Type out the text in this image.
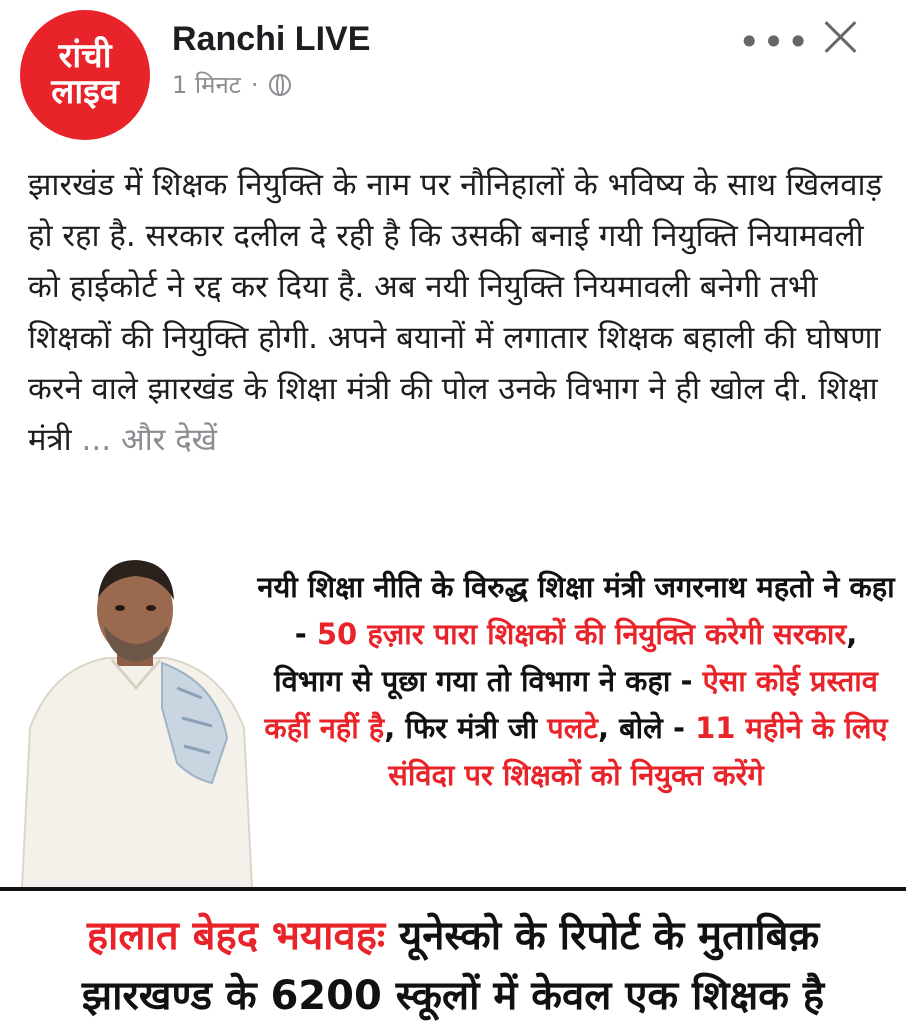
रांची
लाइव
Ranchi LIVE
1 मिनट ·
•••

झारखंड में शिक्षक नियुक्ति के नाम पर नौनिहालों के भविष्य के साथ खिलवाड़ हो रहा है. सरकार दलील दे रही है कि उसकी बनाई गयी नियुक्ति नियामवली को हाईकोर्ट ने रद्द कर दिया है. अब नयी नियुक्ति नियमावली बनेगी तभी शिक्षकों की नियुक्ति होगी. अपने बयानों में लगातार शिक्षक बहाली की घोषणा करने वाले झारखंड के शिक्षा मंत्री की पोल उनके विभाग ने ही खोल दी. शिक्षा मंत्री ... और देखें

नयी शिक्षा नीति के विरुद्ध शिक्षा मंत्री जगरनाथ महतो ने कहा - 50 हज़ार पारा शिक्षकों की नियुक्ति करेगी सरकार, विभाग से पूछा गया तो विभाग ने कहा - ऐसा कोई प्रस्ताव कहीं नहीं है, फिर मंत्री जी पलटे, बोले - 11 महीने के लिए संविदा पर शिक्षकों को नियुक्त करेंगे
हालात बेहद भयावहः यूनेस्को के रिपोर्ट के मुताबिक़
झारखण्ड के 6200 स्कूलों में केवल एक शिक्षक है
